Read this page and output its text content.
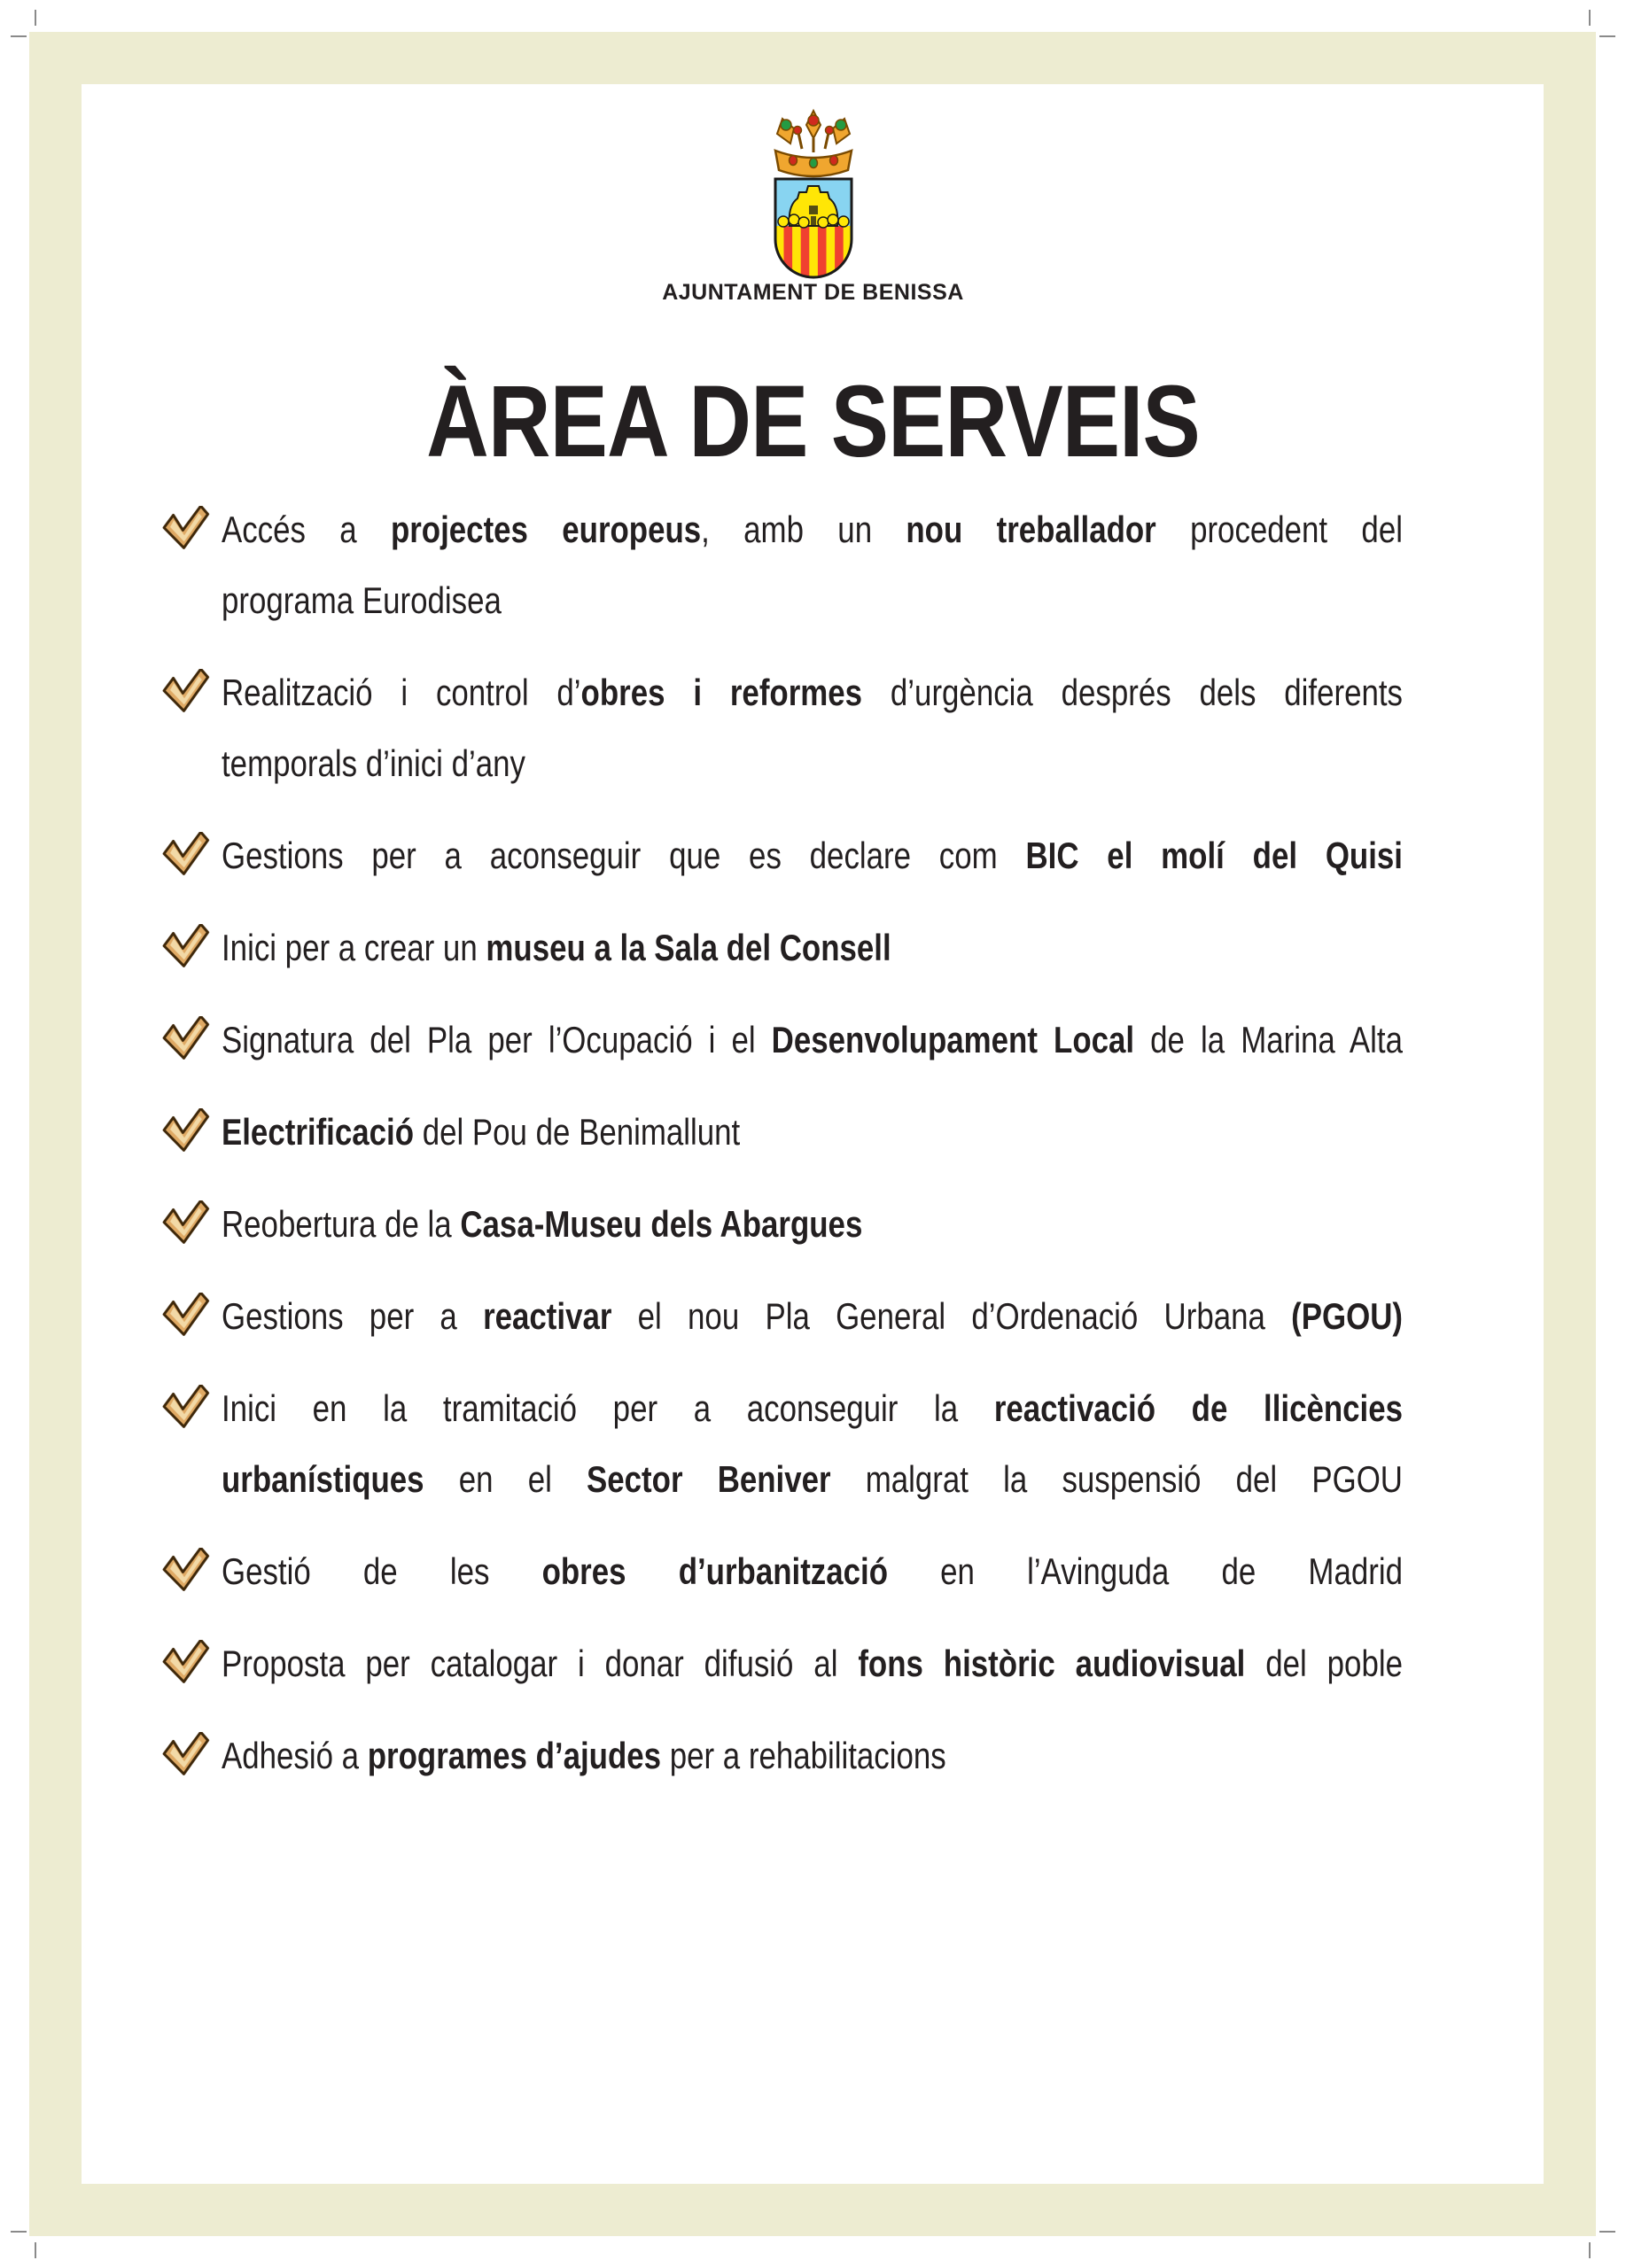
AJUNTAMENT DE BENISSA
ÀREA DE SERVEIS
Accés a projectes europeus, amb un nou treballador procedent del
programa Eurodisea
Realització i control d’obres i reformes d’urgència després dels diferents
temporals d’inici d’any
Gestions per a aconseguir que es declare com BIC el molí del Quisi
Inici per a crear un museu a la Sala del Consell
Signatura del Pla per l’Ocupació i el Desenvolupament Local de la Marina Alta
Electrificació del Pou de Benimallunt
Reobertura de la Casa-Museu dels Abargues
Gestions per a reactivar el nou Pla General d’Ordenació Urbana (PGOU)
Inici en la tramitació per a aconseguir la reactivació de llicències
urbanístiques en el Sector Beniver malgrat la suspensió del PGOU
Gestió de les obres d’urbanització en l’Avinguda de Madrid
Proposta per catalogar i donar difusió al fons històric audiovisual del poble
Adhesió a programes d’ajudes per a rehabilitacions
